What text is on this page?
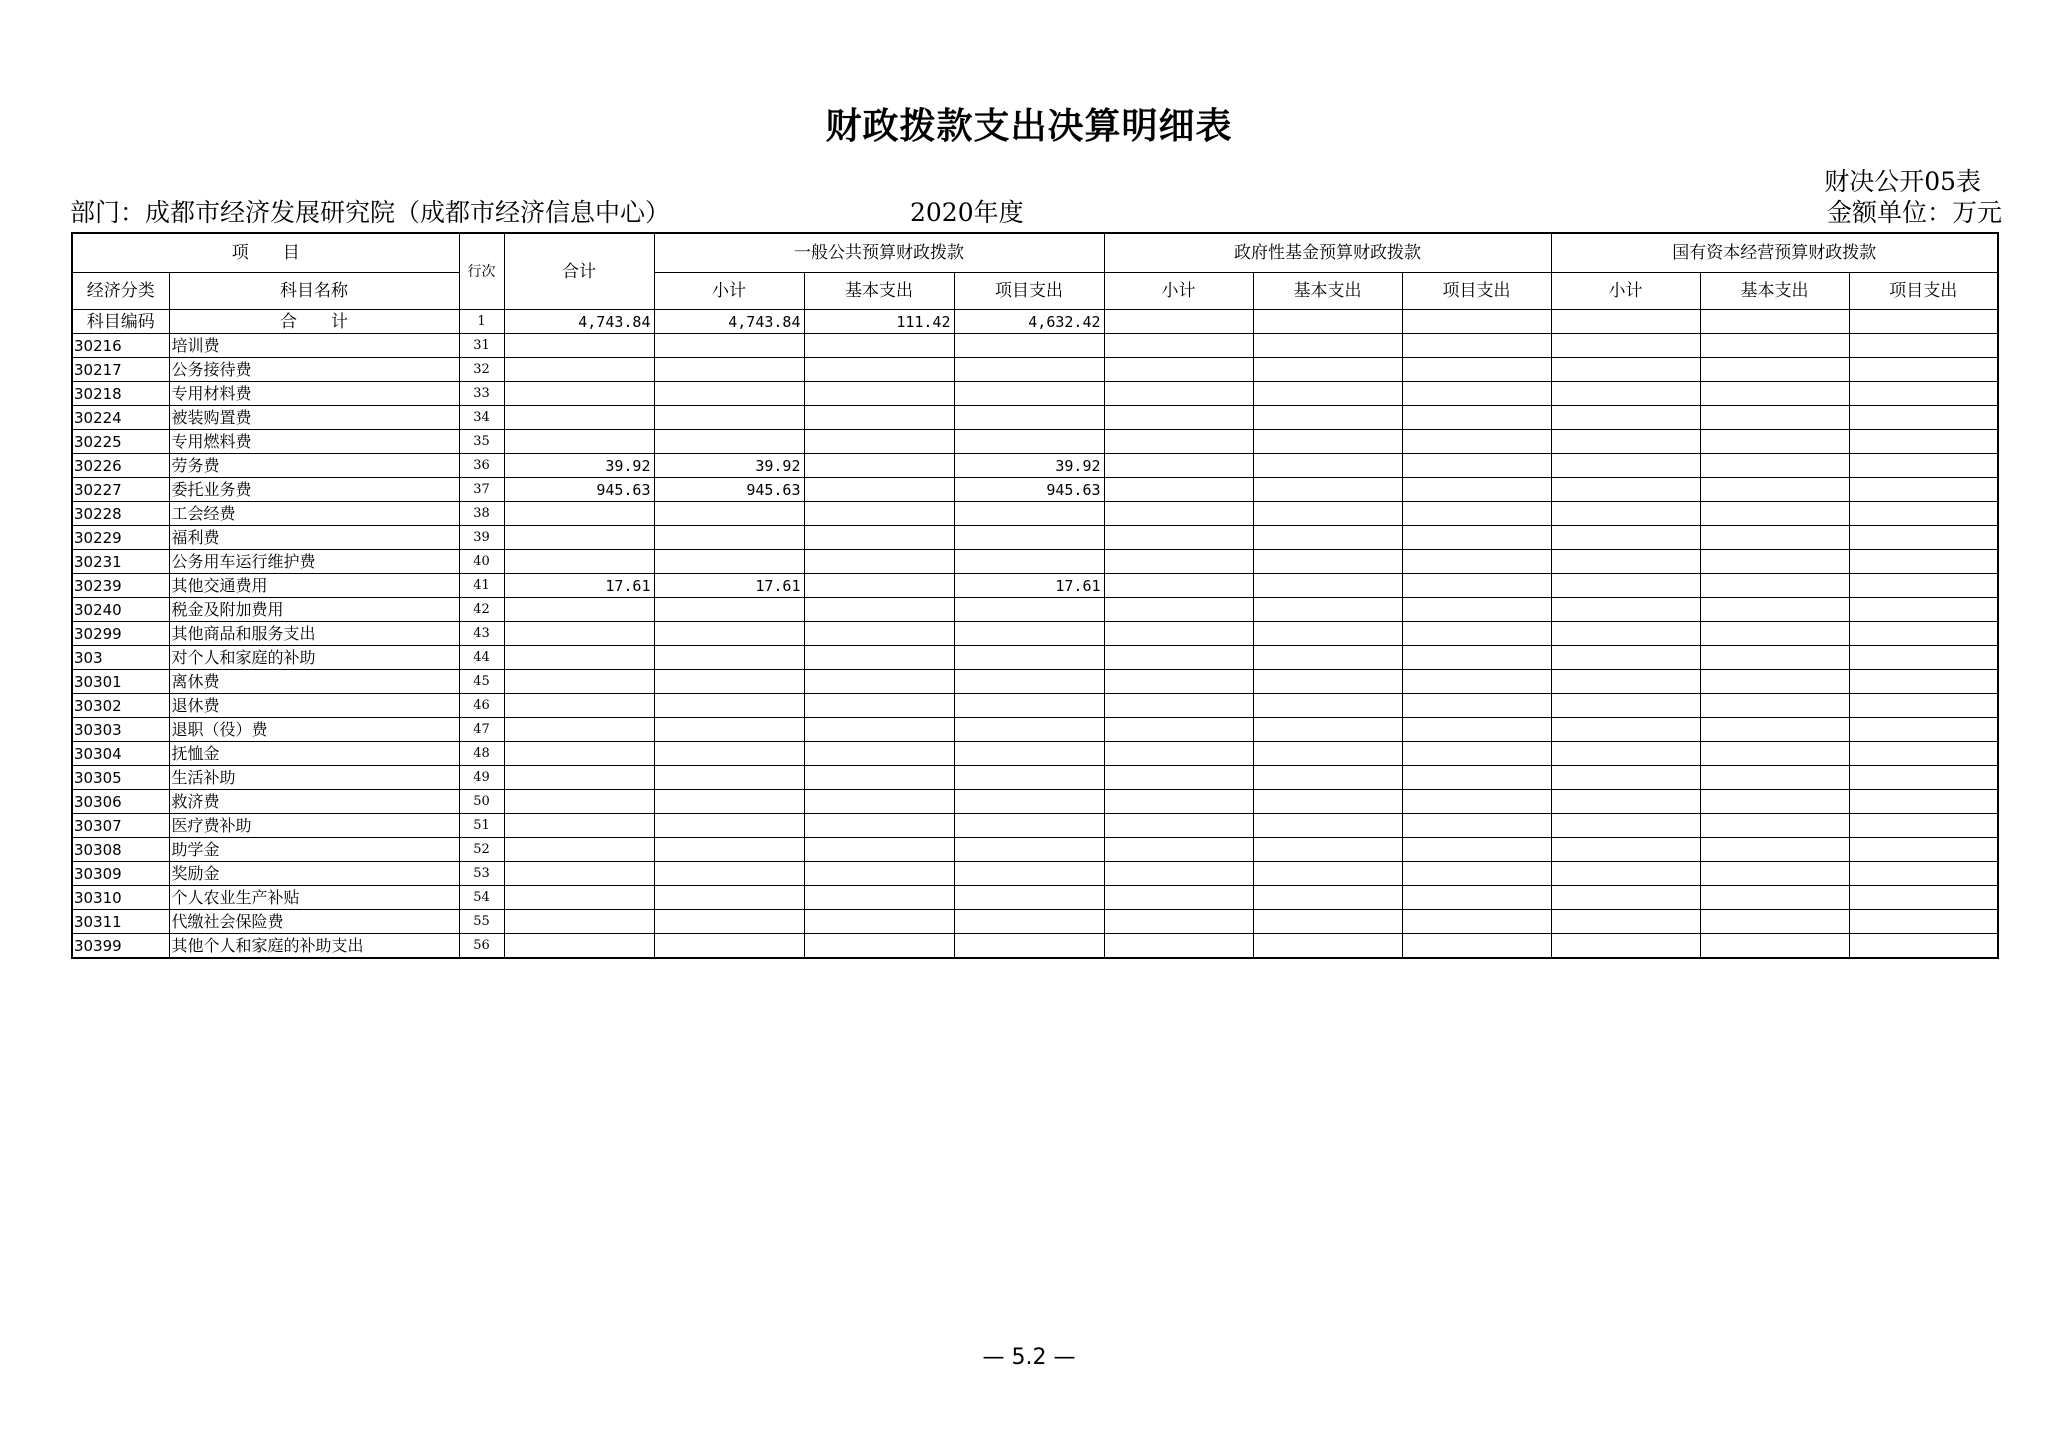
财政拨款支出决算明细表
财决公开05表
部门：成都市经济发展研究院（成都市经济信息中心）	2020年度	金额单位：万元
项　　目		行次	合计	一般公共预算财政拨款			政府性基金预算财政拨款			国有资本经营预算财政拨款		
经济分类	科目名称			小计	基本支出	项目支出	小计	基本支出	项目支出	小计	基本支出	项目支出
科目编码	合　　计	1	4,743.84	4,743.84	111.42	4,632.42						
30216	培训费	31										
30217	公务接待费	32										
30218	专用材料费	33										
30224	被装购置费	34										
30225	专用燃料费	35										
30226	劳务费	36	39.92	39.92		39.92						
30227	委托业务费	37	945.63	945.63		945.63						
30228	工会经费	38										
30229	福利费	39										
30231	公务用车运行维护费	40										
30239	其他交通费用	41	17.61	17.61		17.61						
30240	税金及附加费用	42										
30299	其他商品和服务支出	43										
303	对个人和家庭的补助	44										
30301	离休费	45										
30302	退休费	46										
30303	退职（役）费	47										
30304	抚恤金	48										
30305	生活补助	49										
30306	救济费	50										
30307	医疗费补助	51										
30308	助学金	52										
30309	奖励金	53										
30310	个人农业生产补贴	54										
30311	代缴社会保险费	55										
30399	其他个人和家庭的补助支出	56										
— 5.2 —
